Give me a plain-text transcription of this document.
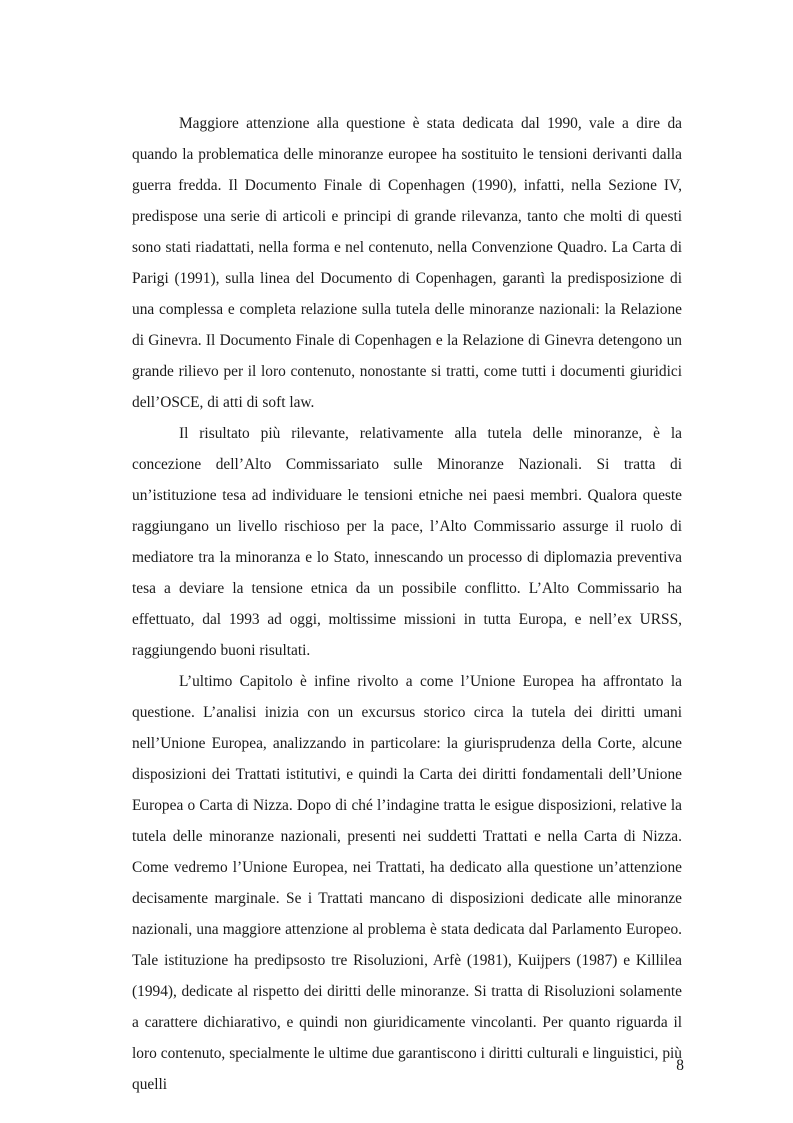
Maggiore attenzione alla questione è stata dedicata dal 1990, vale a dire da quando la problematica delle minoranze europee ha sostituito le tensioni derivanti dalla guerra fredda. Il Documento Finale di Copenhagen (1990), infatti, nella Sezione IV, predispose una serie di articoli e principi di grande rilevanza, tanto che molti di questi sono stati riadattati, nella forma e nel contenuto, nella Convenzione Quadro. La Carta di Parigi (1991), sulla linea del Documento di Copenhagen, garantì la predisposizione di una complessa e completa relazione sulla tutela delle minoranze nazionali: la Relazione di Ginevra. Il Documento Finale di Copenhagen e la Relazione di Ginevra detengono un grande rilievo per il loro contenuto, nonostante si tratti, come tutti i documenti giuridici dell’OSCE, di atti di soft law.

Il risultato più rilevante, relativamente alla tutela delle minoranze, è la concezione dell’Alto Commissariato sulle Minoranze Nazionali. Si tratta di un’istituzione tesa ad individuare le tensioni etniche nei paesi membri. Qualora queste raggiungano un livello rischioso per la pace, l’Alto Commissario assurge il ruolo di mediatore tra la minoranza e lo Stato, innescando un processo di diplomazia preventiva tesa a deviare la tensione etnica da un possibile conflitto. L’Alto Commissario ha effettuato, dal 1993 ad oggi, moltissime missioni in tutta Europa, e nell’ex URSS, raggiungendo buoni risultati.

L’ultimo Capitolo è infine rivolto a come l’Unione Europea ha affrontato la questione. L’analisi inizia con un excursus storico circa la tutela dei diritti umani nell’Unione Europea, analizzando in particolare: la giurisprudenza della Corte, alcune disposizioni dei Trattati istitutivi, e quindi la Carta dei diritti fondamentali dell’Unione Europea o Carta di Nizza. Dopo di ché l’indagine tratta le esigue disposizioni, relative la tutela delle minoranze nazionali, presenti nei suddetti Trattati e nella Carta di Nizza. Come vedremo l’Unione Europea, nei Trattati, ha dedicato alla questione un’attenzione decisamente marginale. Se i Trattati mancano di disposizioni dedicate alle minoranze nazionali, una maggiore attenzione al problema è stata dedicata dal Parlamento Europeo. Tale istituzione ha predipsosto tre Risoluzioni, Arfè (1981), Kuijpers (1987) e Killilea (1994), dedicate al rispetto dei diritti delle minoranze. Si tratta di Risoluzioni solamente a carattere dichiarativo, e quindi non giuridicamente vincolanti. Per quanto riguarda il loro contenuto, specialmente le ultime due garantiscono i diritti culturali e linguistici, più quelli

8
